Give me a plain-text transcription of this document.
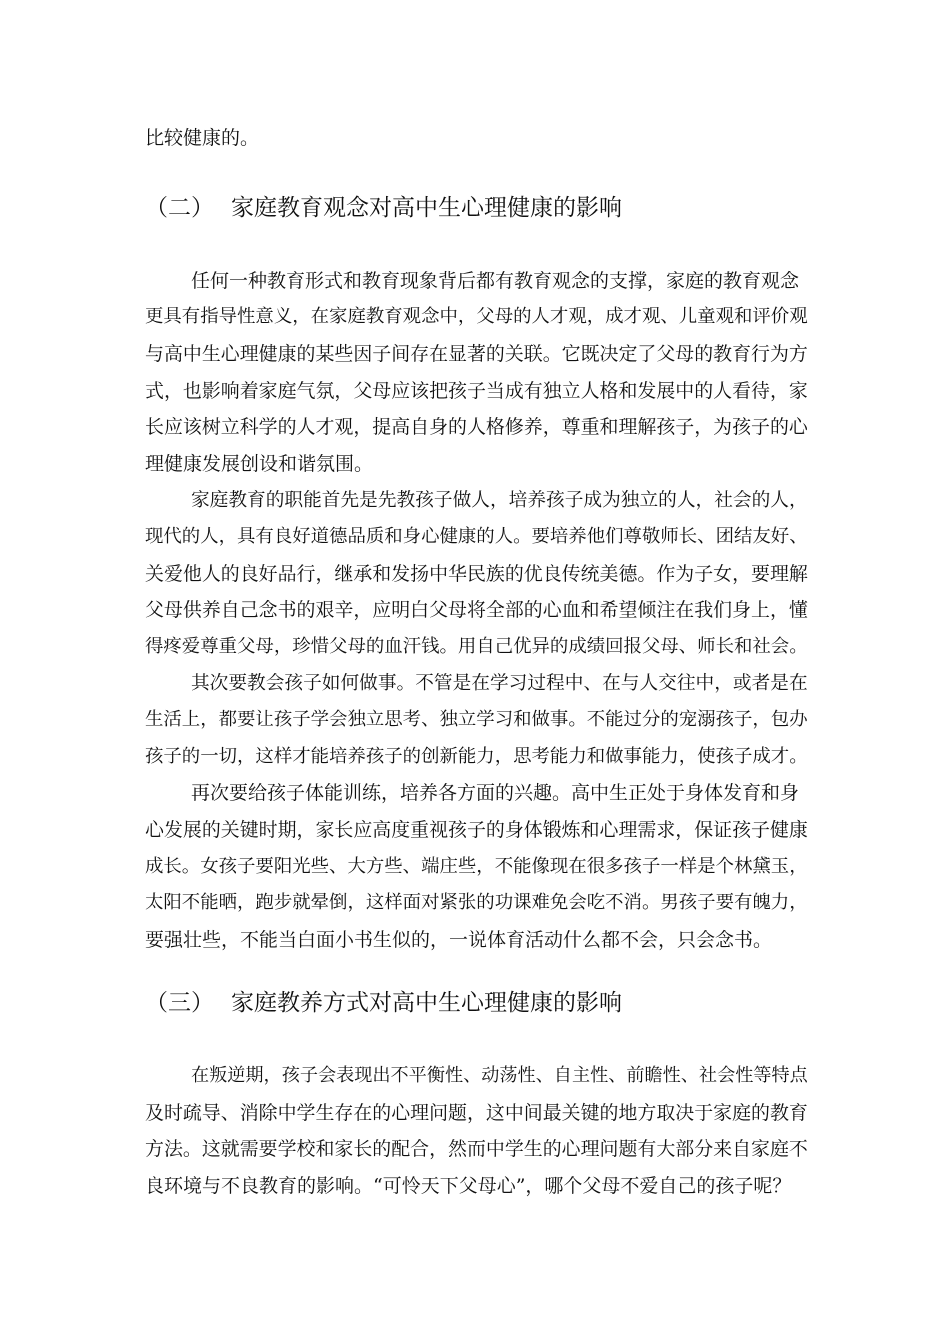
比较健康的。

（二） 家庭教育观念对高中生心理健康的影响

任何一种教育形式和教育现象背后都有教育观念的支撑，家庭的教育观念

更具有指导性意义，在家庭教育观念中，父母的人才观，成才观、儿童观和评价观

与高中生心理健康的某些因子间存在显著的关联。它既决定了父母的教育行为方

式，也影响着家庭气氛，父母应该把孩子当成有独立人格和发展中的人看待，家

长应该树立科学的人才观，提高自身的人格修养，尊重和理解孩子，为孩子的心

理健康发展创设和谐氛围。

家庭教育的职能首先是先教孩子做人，培养孩子成为独立的人，社会的人，

现代的人，具有良好道德品质和身心健康的人。要培养他们尊敬师长、团结友好、

关爱他人的良好品行，继承和发扬中华民族的优良传统美德。作为子女，要理解

父母供养自己念书的艰辛，应明白父母将全部的心血和希望倾注在我们身上，懂

得疼爱尊重父母，珍惜父母的血汗钱。用自己优异的成绩回报父母、师长和社会。

其次要教会孩子如何做事。不管是在学习过程中、在与人交往中，或者是在

生活上，都要让孩子学会独立思考、独立学习和做事。不能过分的宠溺孩子，包办

孩子的一切，这样才能培养孩子的创新能力，思考能力和做事能力，使孩子成才。

再次要给孩子体能训练，培养各方面的兴趣。高中生正处于身体发育和身

心发展的关键时期，家长应高度重视孩子的身体锻炼和心理需求，保证孩子健康

成长。女孩子要阳光些、大方些、端庄些，不能像现在很多孩子一样是个林黛玉，

太阳不能晒，跑步就晕倒，这样面对紧张的功课难免会吃不消。男孩子要有魄力，

要强壮些，不能当白面小书生似的，一说体育活动什么都不会，只会念书。

（三） 家庭教养方式对高中生心理健康的影响

在叛逆期，孩子会表现出不平衡性、动荡性、自主性、前瞻性、社会性等特点

及时疏导、消除中学生存在的心理问题，这中间最关键的地方取决于家庭的教育

方法。这就需要学校和家长的配合，然而中学生的心理问题有大部分来自家庭不

良环境与不良教育的影响。“可怜天下父母心”，哪个父母不爱自己的孩子呢？
